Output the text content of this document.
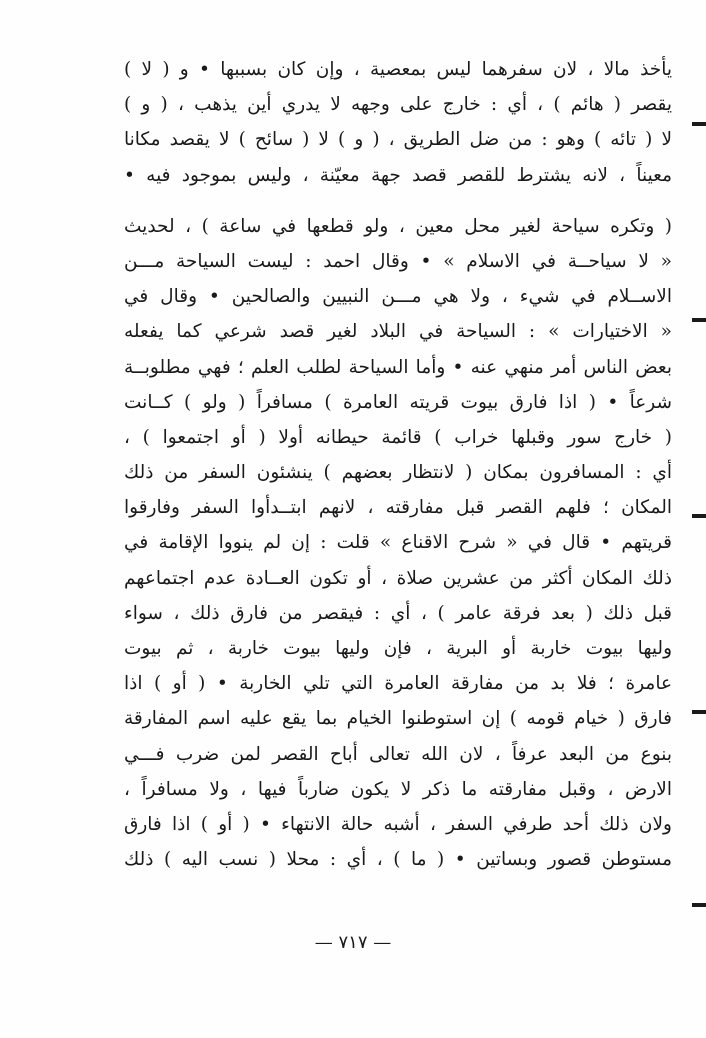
يأخذ مالا ، لان سفرهما ليس بمعصية ، وإن كان بسببها • و ( لا )
يقصر ( هائم ) ، أي : خارج على وجهه لا يدري أين يذهب ، ( و )
لا ( تائه ) وهو : من ضل الطريق ، ( و ) لا ( سائح ) لا يقصد مكانا
معيناً ، لانه يشترط للقصر قصد جهة معيّنة ، وليس بموجود فيه •
( وتكره سياحة لغير محل معين ، ولو قطعها في ساعة ) ، لحديث
« لا سياحــة في الاسلام » • وقال احمد : ليست السياحة مـــن
الاســلام في شيء ، ولا هي مـــن النبيين والصالحين • وقال في
« الاختيارات » : السياحة في البلاد لغير قصد شرعي كما يفعله
بعض الناس أمر منهي عنه • وأما السياحة لطلب العلم ؛ فهي مطلوبــة
شرعاً • ( اذا فارق بيوت قريته العامرة ) مسافراً ( ولو ) كــانت
( خارج سور وقبلها خراب ) قائمة حيطانه أولا ( أو اجتمعوا ) ،
أي : المسافرون بمكان ( لانتظار بعضهم ) ينشئون السفر من ذلك
المكان ؛ فلهم القصر قبل مفارقته ، لانهم ابتــدأوا السفر وفارقوا
قريتهم • قال في « شرح الاقناع » قلت : إن لم ينووا الإقامة في
ذلك المكان أكثر من عشرين صلاة ، أو تكون العــادة عدم اجتماعهم
قبل ذلك ( بعد فرقة عامر ) ، أي : فيقصر من فارق ذلك ، سواء
وليها بيوت خاربة أو البرية ، فإن وليها بيوت خاربة ، ثم بيوت
عامرة ؛ فلا بد من مفارقة العامرة التي تلي الخاربة • ( أو ) اذا
فارق ( خيام قومه ) إن استوطنوا الخيام بما يقع عليه اسم المفارقة
بنوع من البعد عرفاً ، لان الله تعالى أباح القصر لمن ضرب فـــي
الارض ، وقبل مفارقته ما ذكر لا يكون ضارباً فيها ، ولا مسافراً ،
ولان ذلك أحد طرفي السفر ، أشبه حالة الانتهاء • ( أو ) اذا فارق
مستوطن قصور وبساتين • ( ما ) ، أي : محلا ( نسب اليه ) ذلك
— ٧١٧ —
